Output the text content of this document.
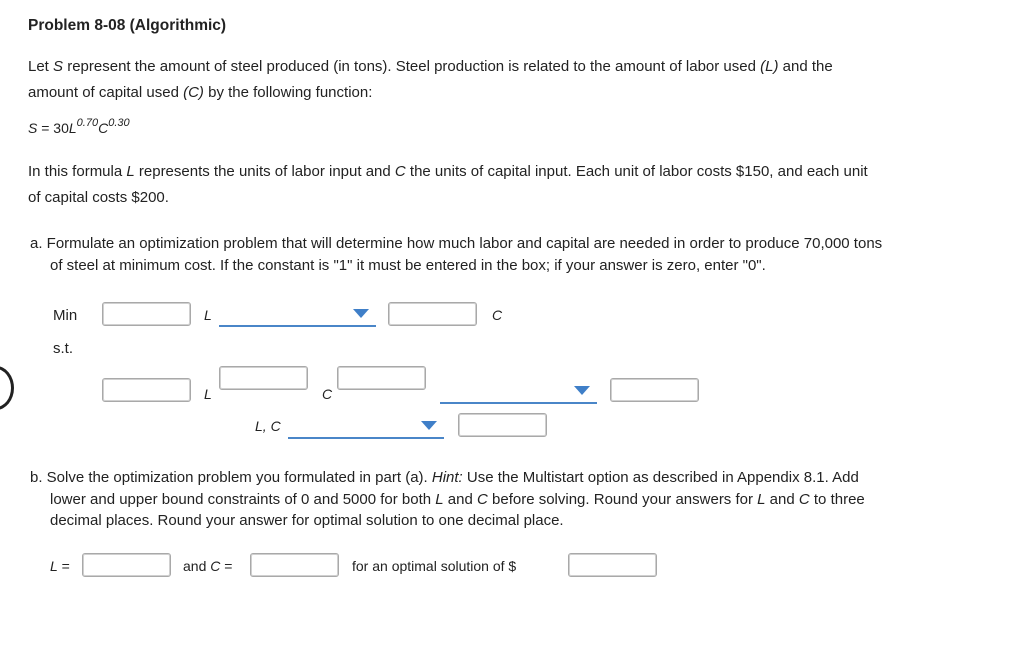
Problem 8-08 (Algorithmic)
Let S represent the amount of steel produced (in tons). Steel production is related to the amount of labor used (L) and the
amount of capital used (C) by the following function:
$S = 30L^{0.70}C^{0.30}$
In this formula L represents the units of labor input and C the units of capital input. Each unit of labor costs $150, and each unit
of capital costs $200.
a. Formulate an optimization problem that will determine how much labor and capital are needed in order to produce 70,000 tons
of steel at minimum cost. If the constant is "1" it must be entered in the box; if your answer is zero, enter "0".
Min	L	C
s.t.
L	C
L, C
b. Solve the optimization problem you formulated in part (a). Hint: Use the Multistart option as described in Appendix 8.1. Add
lower and upper bound constraints of 0 and 5000 for both L and C before solving. Round your answers for L and C to three
decimal places. Round your answer for optimal solution to one decimal place.
L =	and C =	for an optimal solution of $
